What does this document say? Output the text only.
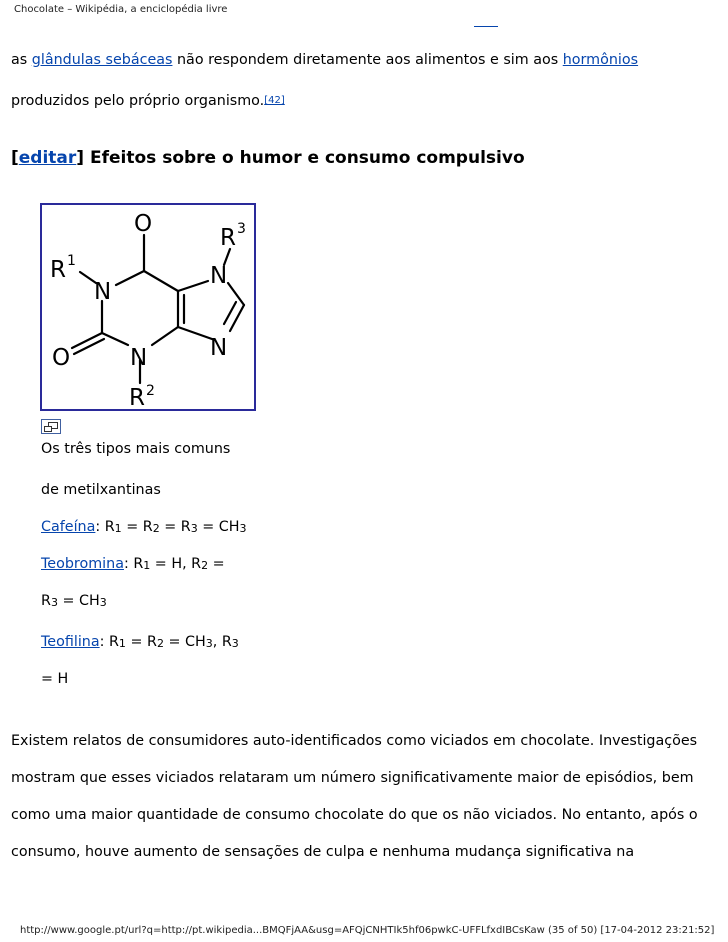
Chocolate – Wikipédia, a enciclopédia livre
as glândulas sebáceas não respondem diretamente aos alimentos e sim aos hormônios
produzidos pelo próprio organismo.[42]
[editar] Efeitos sobre o humor e consumo compulsivo
O
O
R 1
R 2
R 3
N
N
N
N
Os três tipos mais comuns
de metilxantinas
Cafeína: R1 = R2 = R3 = CH3
Teobromina: R1 = H, R2 =
R3 = CH3
Teofilina: R1 = R2 = CH3, R3
= H
Existem relatos de consumidores auto-identificados como viciados em chocolate. Investigações
mostram que esses viciados relataram um número significativamente maior de episódios, bem
como uma maior quantidade de consumo chocolate do que os não viciados. No entanto, após o
consumo, houve aumento de sensações de culpa e nenhuma mudança significativa na
http://www.google.pt/url?q=http://pt.wikipedia...BMQFjAA&usg=AFQjCNHTIk5hf06pwkC-UFFLfxdIBCsKaw (35 of 50) [17-04-2012 23:21:52]
